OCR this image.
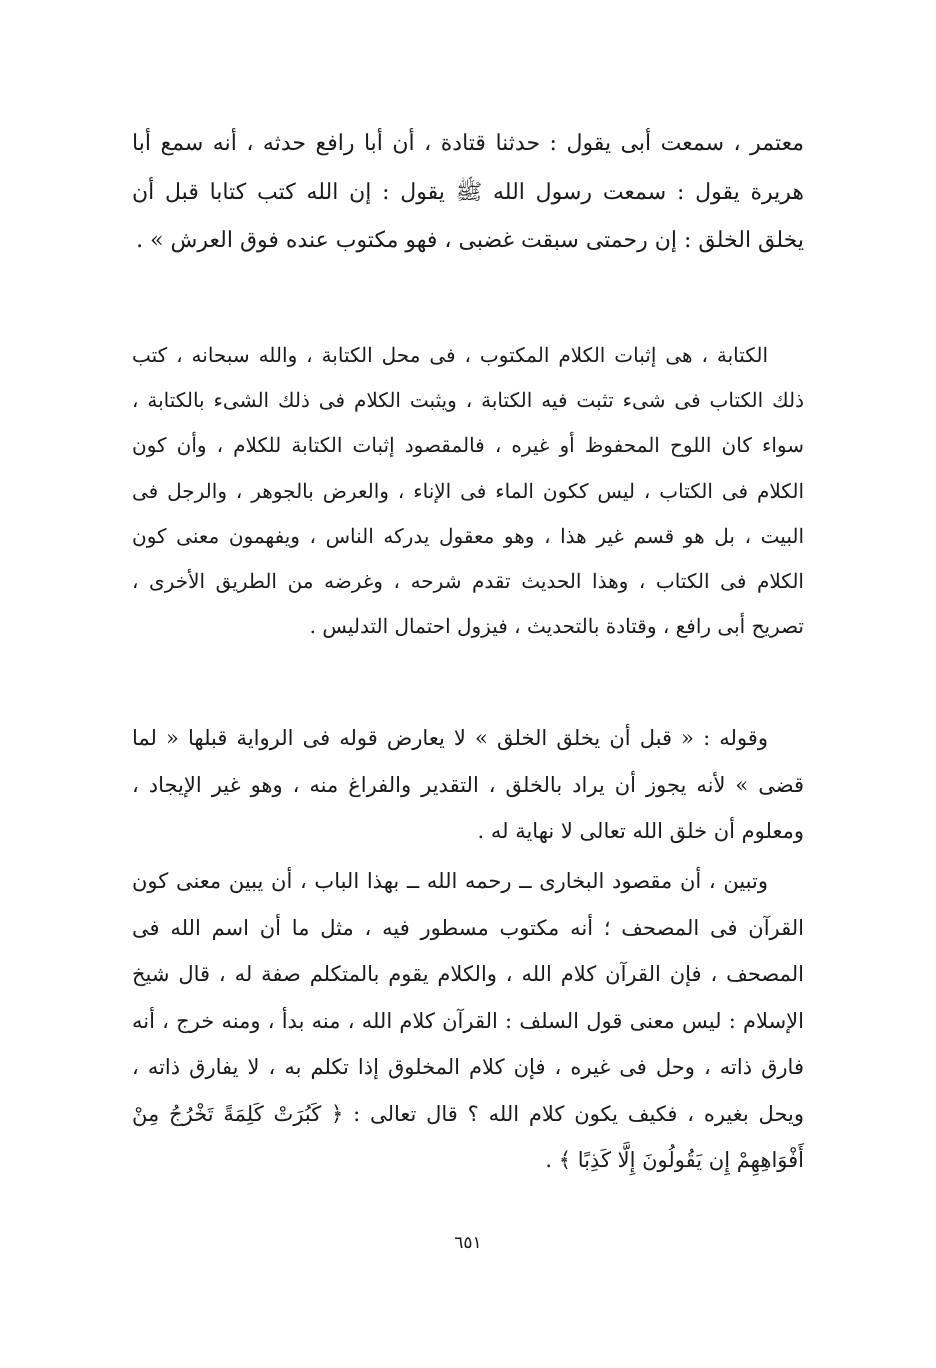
معتمر ، سمعت أبى يقول : حدثنا قتادة ، أن أبا رافع حدثه ، أنه سمع أبا هريرة يقول : سمعت رسول الله ﷺ يقول : إن الله كتب كتابا قبل أن يخلق الخلق : إن رحمتى سبقت غضبى ، فهو مكتوب عنده فوق العرش » .

الكتابة ، هى إثبات الكلام المكتوب ، فى محل الكتابة ، والله سبحانه ، كتب ذلك الكتاب فى شىء تثبت فيه الكتابة ، ويثبت الكلام فى ذلك الشىء بالكتابة ، سواء كان اللوح المحفوظ أو غيره ، فالمقصود إثبات الكتابة للكلام ، وأن كون الكلام فى الكتاب ، ليس ككون الماء فى الإناء ، والعرض بالجوهر ، والرجل فى البيت ، بل هو قسم غير هذا ، وهو معقول يدركه الناس ، ويفهمون معنى كون الكلام فى الكتاب ، وهذا الحديث تقدم شرحه ، وغرضه من الطريق الأخرى ، تصريح أبى رافع ، وقتادة بالتحديث ، فيزول احتمال التدليس .

وقوله : « قبل أن يخلق الخلق » لا يعارض قوله فى الرواية قبلها « لما قضى » لأنه يجوز أن يراد بالخلق ، التقدير والفراغ منه ، وهو غير الإيجاد ، ومعلوم أن خلق الله تعالى لا نهاية له .

وتبين ، أن مقصود البخارى ــ رحمه الله ــ بهذا الباب ، أن يبين معنى كون القرآن فى المصحف ؛ أنه مكتوب مسطور فيه ، مثل ما أن اسم الله فى المصحف ، فإن القرآن كلام الله ، والكلام يقوم بالمتكلم صفة له ، قال شيخ الإسلام : ليس معنى قول السلف : القرآن كلام الله ، منه بدأ ، ومنه خرج ، أنه فارق ذاته ، وحل فى غيره ، فإن كلام المخلوق إذا تكلم به ، لا يفارق ذاته ، ويحل بغيره ، فكيف يكون كلام الله ؟ قال تعالى : ﴿ كَبُرَتْ كَلِمَةً تَخْرُجُ مِنْ أَفْوَاهِهِمْ إِن يَقُولُونَ إِلَّا كَذِبًا ﴾ .

٦٥١
